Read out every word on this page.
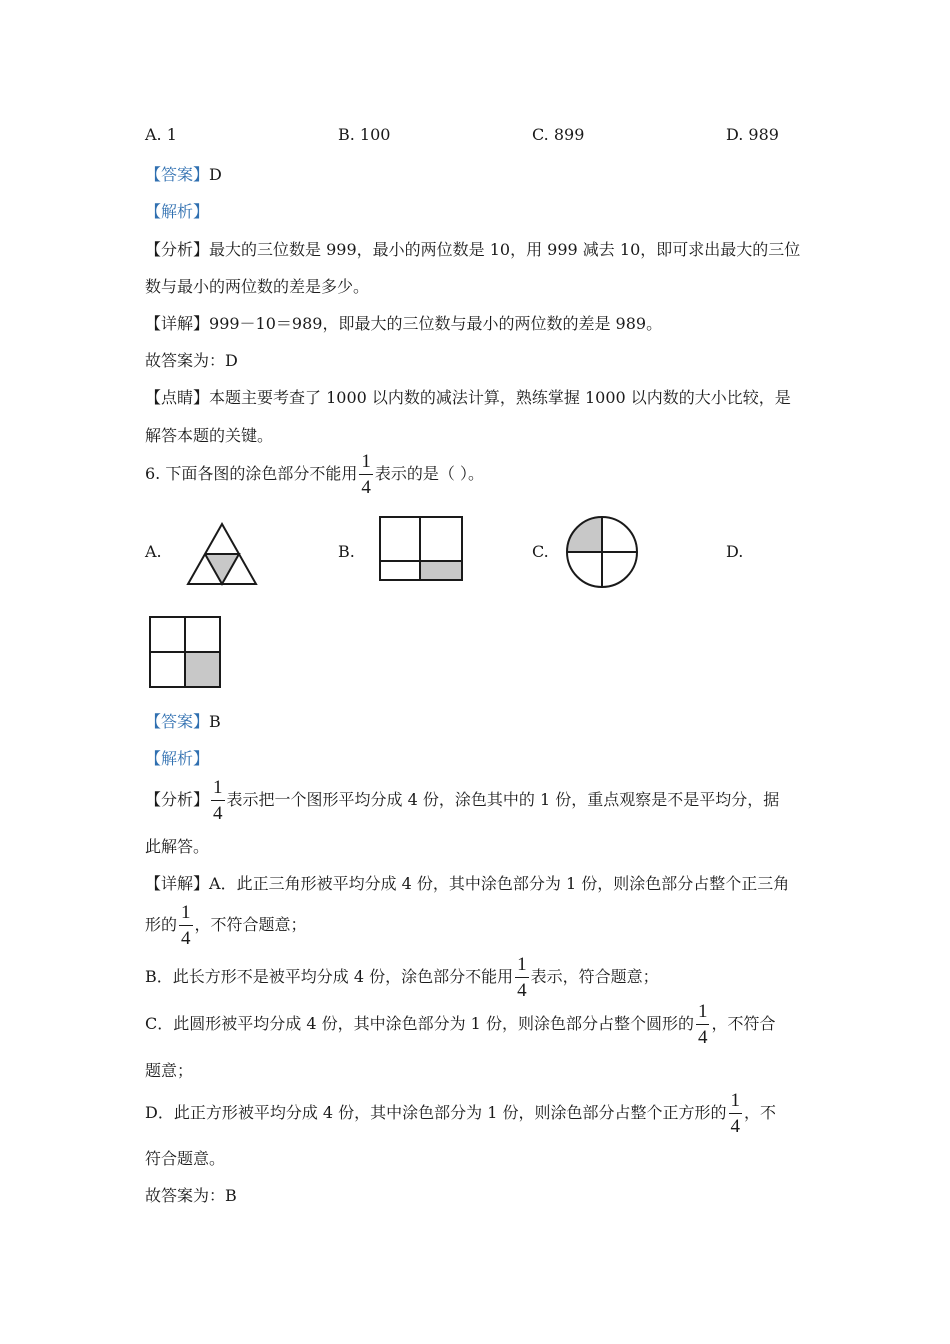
A. 1	B. 100	C. 899	D. 989
【答案】D
【解析】
【分析】最大的三位数是 999，最小的两位数是 10，用 999 减去 10，即可求出最大的三位
数与最小的两位数的差是多少。
【详解】999－10＝989，即最大的三位数与最小的两位数的差是 989。
故答案为：D
【点睛】本题主要考查了 1000 以内数的减法计算，熟练掌握 1000 以内数的大小比较，是
解答本题的关键。
6. 下面各图的涂色部分不能用 $\frac{1}{4}$ 表示的是（ ）。
A.	B.	C.	D.
【答案】B
【解析】
【分析】 $\frac{1}{4}$ 表示把一个图形平均分成 4 份，涂色其中的 1 份，重点观察是不是平均分，据
此解答。
【详解】A．此正三角形被平均分成 4 份，其中涂色部分为 1 份，则涂色部分占整个正三角
形的 $\frac{1}{4}$ ，不符合题意；
B．此长方形不是被平均分成 4 份，涂色部分不能用 $\frac{1}{4}$ 表示，符合题意；
C．此圆形被平均分成 4 份，其中涂色部分为 1 份，则涂色部分占整个圆形的 $\frac{1}{4}$ ，不符合
题意；
D．此正方形被平均分成 4 份，其中涂色部分为 1 份，则涂色部分占整个正方形的 $\frac{1}{4}$ ，不
符合题意。
故答案为：B
